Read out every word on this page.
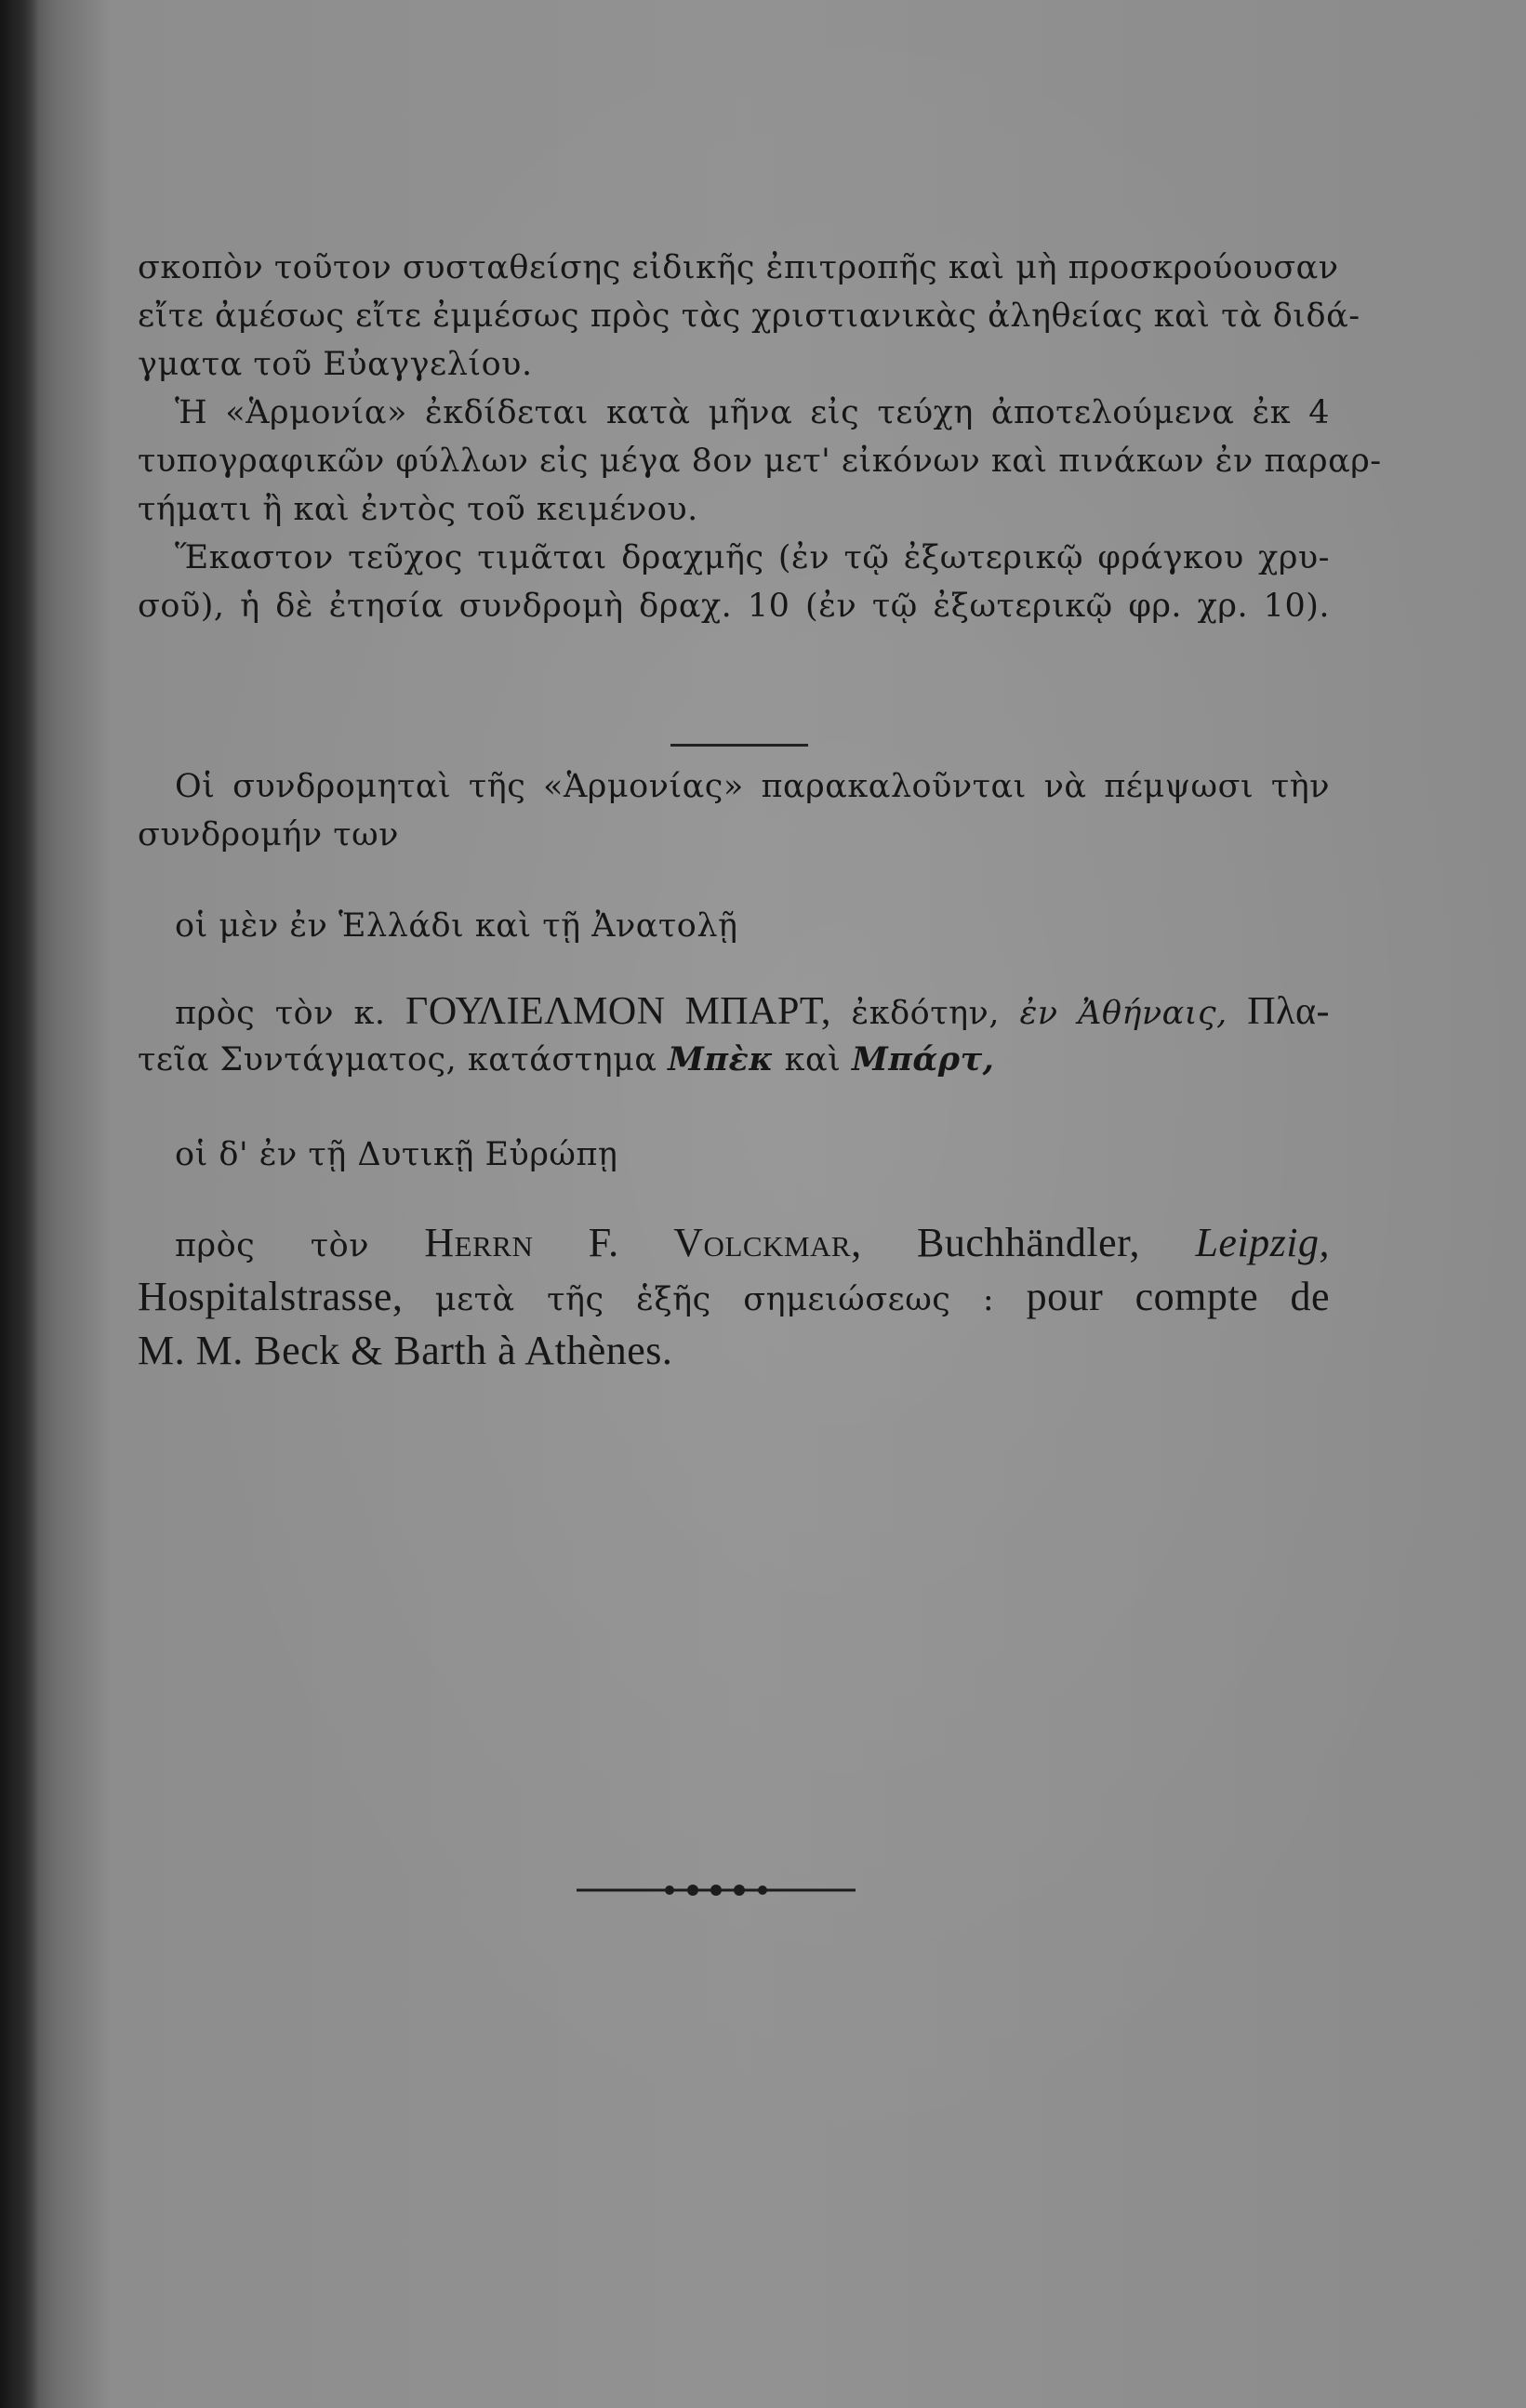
σκοπὸν τοῦτον συσταθείσης εἰδικῆς ἐπιτροπῆς καὶ μὴ προσκρούουσαν
εἴτε ἀμέσως εἴτε ἐμμέσως πρὸς τὰς χριστιανικὰς ἀληθείας καὶ τὰ διδά-
γματα τοῦ Εὐαγγελίου.
Ἡ «Ἁρμονία» ἐκδίδεται κατὰ μῆνα εἰς τεύχη ἀποτελούμενα ἐκ 4
τυπογραφικῶν φύλλων εἰς μέγα 8ον μετ' εἰκόνων καὶ πινάκων ἐν παραρ-
τήματι ἢ καὶ ἐντὸς τοῦ κειμένου.
Ἕκαστον τεῦχος τιμᾶται δραχμῆς (ἐν τῷ ἐξωτερικῷ φράγκου χρυ-
σοῦ), ἡ δὲ ἐτησία συνδρομὴ δραχ. 10 (ἐν τῷ ἐξωτερικῷ φρ. χρ. 10).
Οἱ συνδρομηταὶ τῆς «Ἁρμονίας» παρακαλοῦνται νὰ πέμψωσι τὴν
συνδρομήν των
οἱ μὲν ἐν Ἑλλάδι καὶ τῇ Ἀνατολῇ
πρὸς τὸν κ. ΓΟΥΛΙΕΛΜΟΝ ΜΠΑΡΤ, ἐκδότην, ἐν Ἀθήναις, Πλα-
τεῖα Συντάγματος, κατάστημα Μπὲκ καὶ Μπάρτ,
οἱ δ' ἐν τῇ Δυτικῇ Εὐρώπῃ
πρὸς τὸν Herrn F. Volckmar, Buchhändler, Leipzig,
Hospitalstrasse, μετὰ τῆς ἑξῆς σημειώσεως : pour compte de
M. M. Beck & Barth à Athènes.
